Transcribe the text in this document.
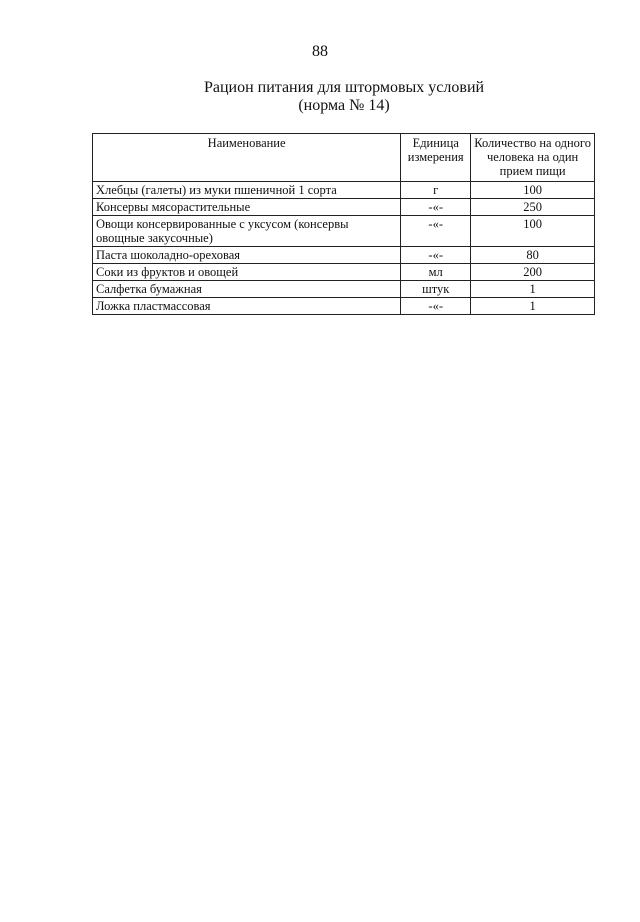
88
Рацион питания для штормовых условий
(норма № 14)
Наименование	Единица измерения	Количество на одного человека на один прием пищи
Хлебцы (галеты) из муки пшеничной 1 сорта	г	100
Консервы мясорастительные	-«-	250
Овощи консервированные с уксусом (консервы овощные закусочные)	-«-	100
Паста шоколадно-ореховая	-«-	80
Соки из фруктов и овощей	мл	200
Салфетка бумажная	штук	1
Ложка пластмассовая	-«-	1
